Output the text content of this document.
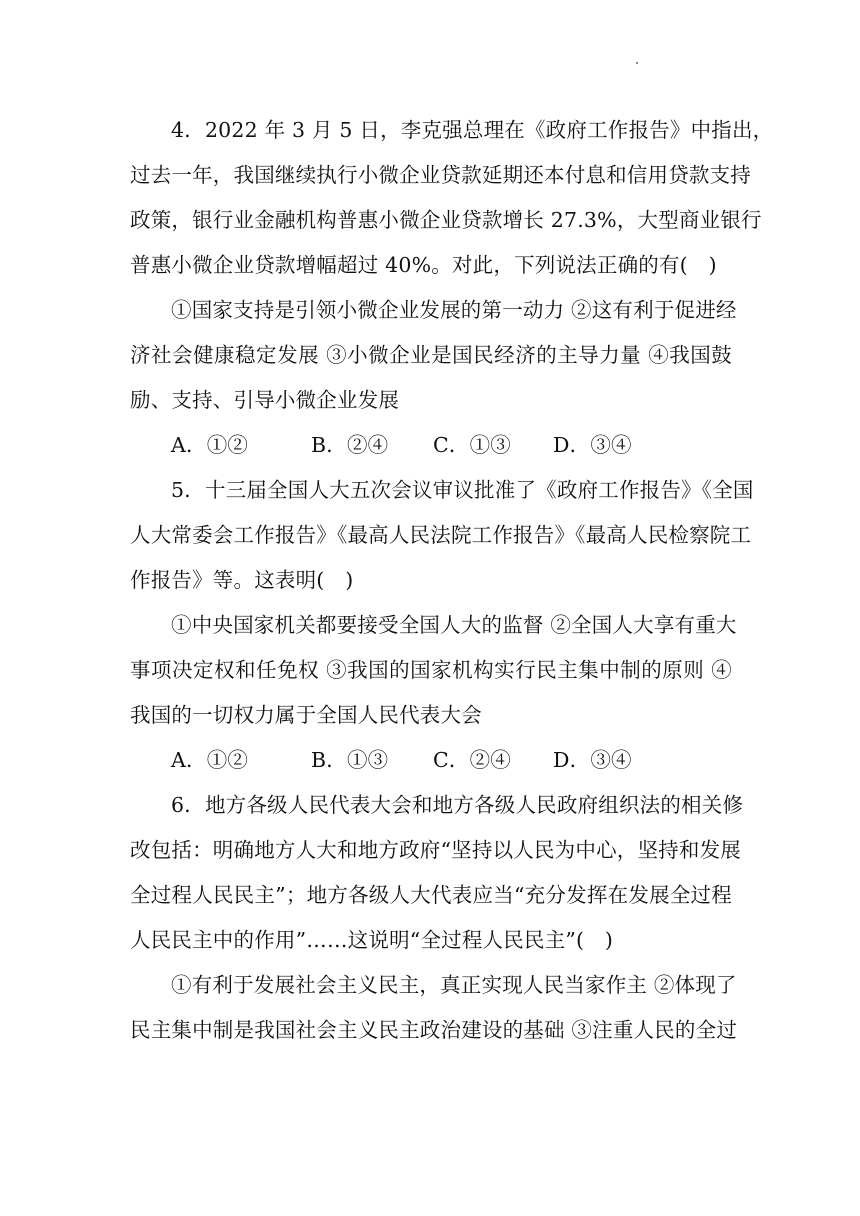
4．2022 年 3 月 5 日，李克强总理在《政府工作报告》中指出，
过去一年，我国继续执行小微企业贷款延期还本付息和信用贷款支持
政策，银行业金融机构普惠小微企业贷款增长 27.3%，大型商业银行
普惠小微企业贷款增幅超过 40%。对此，下列说法正确的有(　)
①国家支持是引领小微企业发展的第一动力 ②这有利于促进经
济社会健康稳定发展 ③小微企业是国民经济的主导力量 ④我国鼓
励、支持、引导小微企业发展
A．①②	B．②④ C．①③ D．③④
5．十三届全国人大五次会议审议批准了《政府工作报告》《全国
人大常委会工作报告》《最高人民法院工作报告》《最高人民检察院工
作报告》等。这表明(　)
①中央国家机关都要接受全国人大的监督 ②全国人大享有重大
事项决定权和任免权 ③我国的国家机构实行民主集中制的原则 ④
我国的一切权力属于全国人民代表大会
A．①②	B．①③ C．②④ D．③④
6．地方各级人民代表大会和地方各级人民政府组织法的相关修
改包括：明确地方人大和地方政府“坚持以人民为中心，坚持和发展
全过程人民民主”；地方各级人大代表应当“充分发挥在发展全过程
人民民主中的作用”……这说明“全过程人民民主”(　)
①有利于发展社会主义民主，真正实现人民当家作主 ②体现了
民主集中制是我国社会主义民主政治建设的基础 ③注重人民的全过
